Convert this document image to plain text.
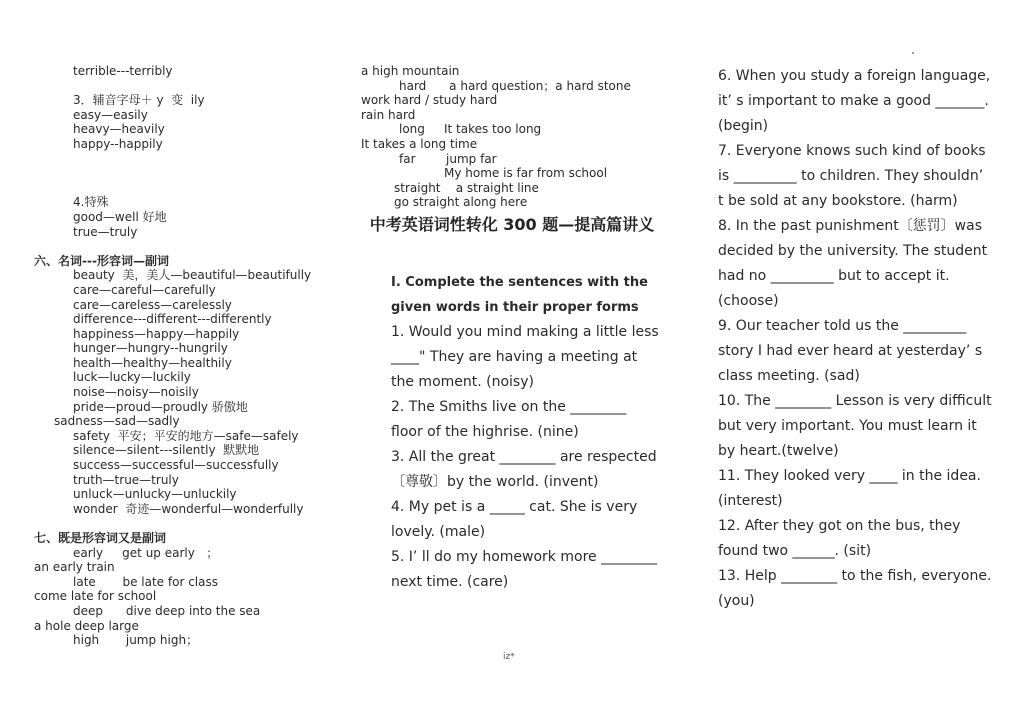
terrible---terribly
3．辅音字母＋ y  变  ily
easy—easily
heavy—heavily
happy--happily
4.特殊
good—well 好地
true—truly
六、名词---形容词—副词
beauty  美，美人—beautiful—beautifully
care—careful—carefully
care—careless—carelessly
difference---different---differently
happiness—happy—happily
hunger—hungry--hungrily
health—healthy—healthily
luck—lucky—luckily
noise—noisy—noisily
pride—proud—proudly 骄傲地
sadness—sad—sadly
safety  平安；平安的地方—safe—safely
silence—silent---silently  默默地
success—successful—successfully
truth—true—truly
unluck—unlucky—unluckily
wonder  奇迹—wonderful—wonderfully
七、既是形容词又是副词
early     get up early   ；
an early train
late       be late for class
come late for school
deep      dive deep into the sea
a hole deep large
high       jump high；
a high mountain
hard      a hard question；a hard stone
work hard / study hard
rain hard
long     It takes too long
It takes a long time
far        jump far
My home is far from school
straight    a straight line
go straight along here
中考英语词性转化 300 题—提高篇讲义
I. Complete the sentences with the given words in their proper forms
1. Would you mind making a little less ____" They are having a meeting at the moment. (noisy)
2. The Smiths live on the ________ floor of the highrise. (nine)
3. All the great ________ are respected〔尊敬〕by the world. (invent)
4. My pet is a _____ cat. She is very lovely. (male)
5. I’ ll do my homework more ________ next time. (care)
6. When you study a foreign language, it’ s important to make a good _______. (begin)
7. Everyone knows such kind of books is _________ to children. They shouldn’ t be sold at any bookstore. (harm)
8. In the past punishment〔惩罚〕was decided by the university. The student had no _________ but to accept it. (choose)
9. Our teacher told us the _________ story I had ever heard at yesterday’ s class meeting. (sad)
10. The ________ Lesson is very difficult but very important. You must learn it by heart.(twelve)
11. They looked very ____ in the idea. (interest)
12. After they got on the bus, they found two ______. (sit)
13. Help ________ to the fish, everyone. (you)
iz*
